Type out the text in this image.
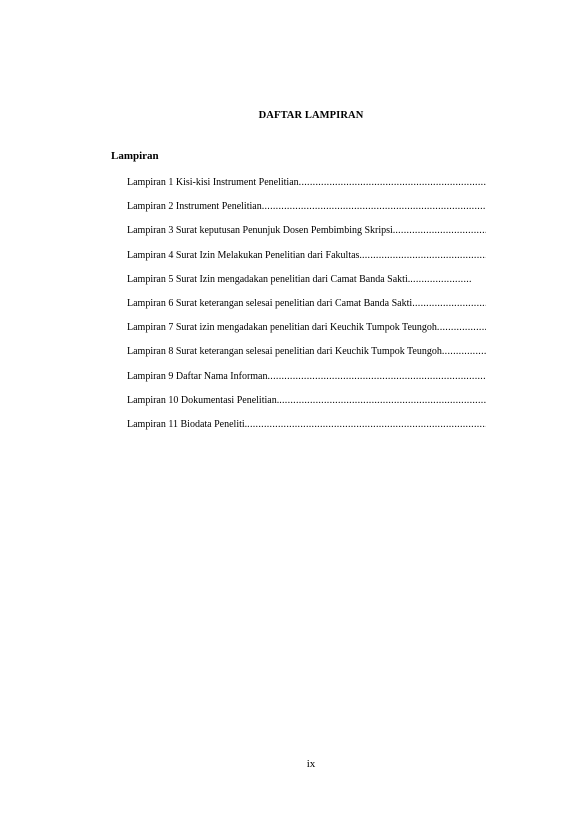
DAFTAR LAMPIRAN
Lampiran
Lampiran 1 Kisi-kisi Instrument Penelitian
.....
Lampiran 2 Instrument Penelitian
.....
Lampiran 3 Surat keputusan Penunjuk Dosen Pembimbing Skripsi.
.....
Lampiran 4 Surat Izin Melakukan Penelitian dari Fakultas.
.....
Lampiran 5 Surat Izin mengadakan penelitian dari Camat Banda Sakti.
.....
Lampiran 6 Surat keterangan selesai penelitian dari Camat Banda Sakti
.....
Lampiran 7 Surat izin mengadakan penelitian dari Keuchik Tumpok Teungoh
.....
Lampiran 8 Surat keterangan selesai penelitian dari Keuchik Tumpok Teungoh
.....
Lampiran 9 Daftar Nama Informan
.....
Lampiran 10 Dokumentasi Penelitian.
.....
Lampiran 11 Biodata Peneliti.
.....
ix
